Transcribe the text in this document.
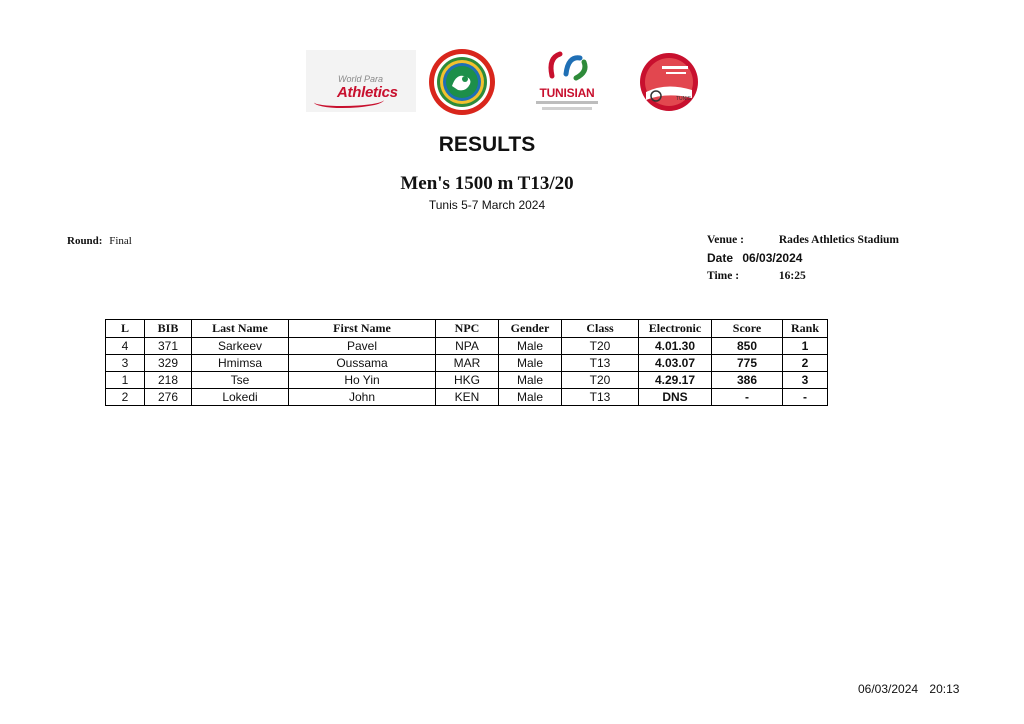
World Para
Athletics	TUNISIAN	TUNIS
RESULTS
Men's 1500 m T13/20
Tunis 5-7 March 2024
Round: Final	Venue :	Rades Athletics Stadium
Date 06/03/2024
Time :	16:25
L	BIB	Last Name	First Name	NPC	Gender	Class	Electronic	Score	Rank
4	371	Sarkeev	Pavel	NPA	Male	T20	4.01.30	850	1
3	329	Hmimsa	Oussama	MAR	Male	T13	4.03.07	775	2
1	218	Tse	Ho Yin	HKG	Male	T20	4.29.17	386	3
2	276	Lokedi	John	KEN	Male	T13	DNS	-	-
06/03/2024 20:13
